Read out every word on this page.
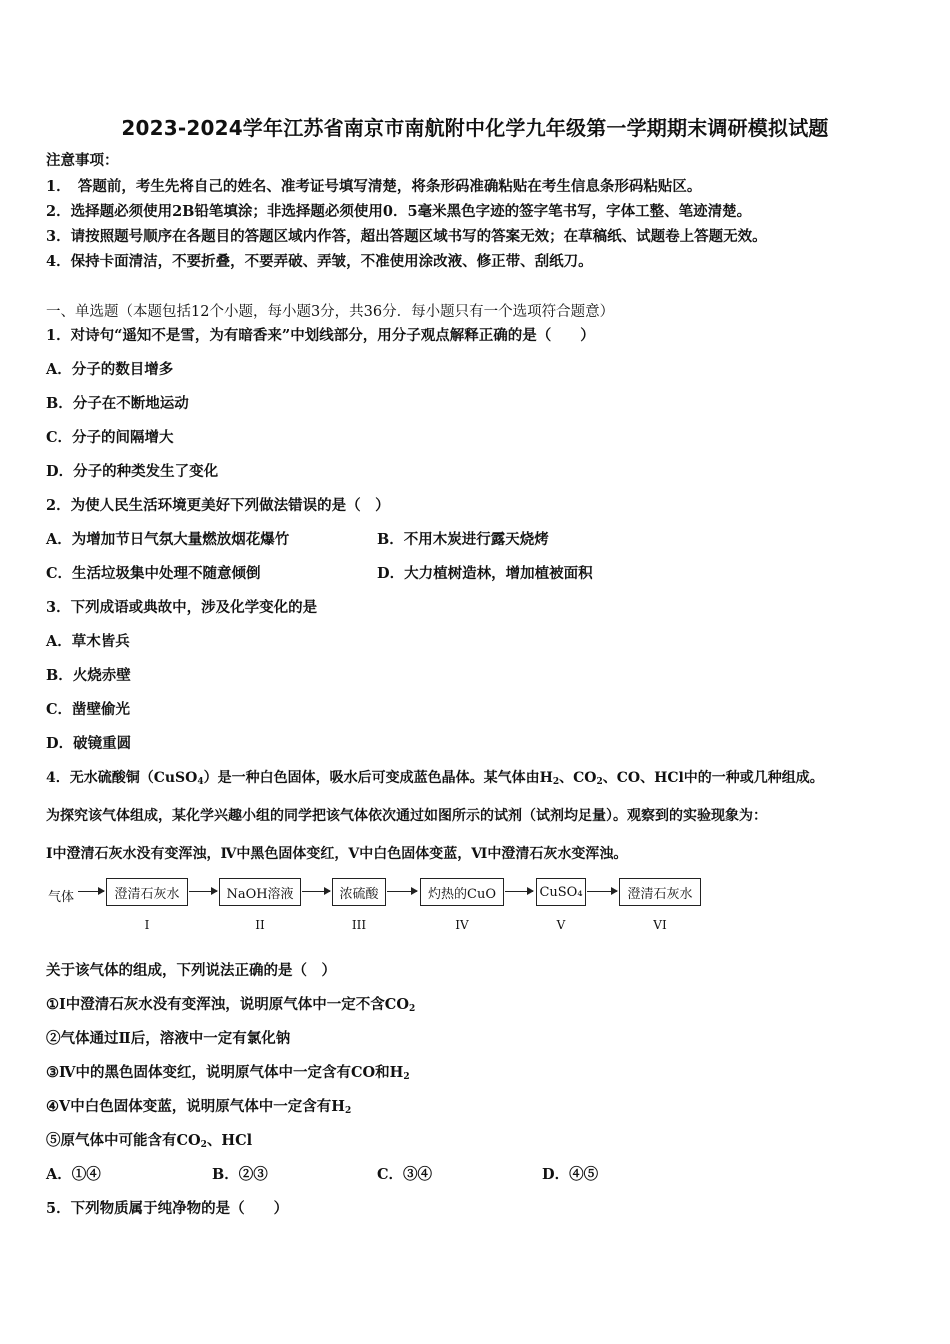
2023-2024学年江苏省南京市南航附中化学九年级第一学期期末调研模拟试题
注意事项：
1．　答题前，考生先将自己的姓名、准考证号填写清楚，将条形码准确粘贴在考生信息条形码粘贴区。
2．选择题必须使用2B铅笔填涂；非选择题必须使用0．5毫米黑色字迹的签字笔书写，字体工整、笔迹清楚。
3．请按照题号顺序在各题目的答题区域内作答，超出答题区域书写的答案无效；在草稿纸、试题卷上答题无效。
4．保持卡面清洁，不要折叠，不要弄破、弄皱，不准使用涂改液、修正带、刮纸刀。
一、单选题（本题包括12个小题，每小题3分，共36分．每小题只有一个选项符合题意）
1．对诗句“遥知不是雪，为有暗香来”中划线部分，用分子观点解释正确的是（　　）
A．分子的数目增多
B．分子在不断地运动
C．分子的间隔增大
D．分子的种类发生了变化
2．为使人民生活环境更美好下列做法错误的是（　）
A．为增加节日气氛大量燃放烟花爆竹	B．不用木炭进行露天烧烤
C．生活垃圾集中处理不随意倾倒	D．大力植树造林，增加植被面积
3．下列成语或典故中，涉及化学变化的是
A．草木皆兵
B．火烧赤壁
C．凿壁偷光
D．破镜重圆
4．无水硫酸铜（CuSO$_4$）是一种白色固体，吸水后可变成蓝色晶体。某气体由$H_2$、$CO_2$、CO、HCl中的一种或几种组成。
为探究该气体组成，某化学兴趣小组的同学把该气体依次通过如图所示的试剂（试剂均足量）。观察到的实验现象为：
I中澄清石灰水没有变浑浊，Ⅳ中黑色固体变红，V中白色固体变蓝，Ⅵ中澄清石灰水变浑浊。
气体	澄清石灰水	NaOH溶液	浓硫酸	灼热的CuO	CuSO₄	澄清石灰水
I	II	III	IV	V	VI
关于该气体的组成，下列说法正确的是（　）
①I中澄清石灰水没有变浑浊，说明原气体中一定不含$CO_2$
②气体通过Ⅱ后，溶液中一定有氯化钠
③Ⅳ中的黑色固体变红，说明原气体中一定含有CO和$H_2$
④V中白色固体变蓝，说明原气体中一定含有$H_2$
⑤原气体中可能含有$CO_2$、HCl
A．①④	B．②③	C．③④	D．④⑤
5．下列物质属于纯净物的是（　　）
